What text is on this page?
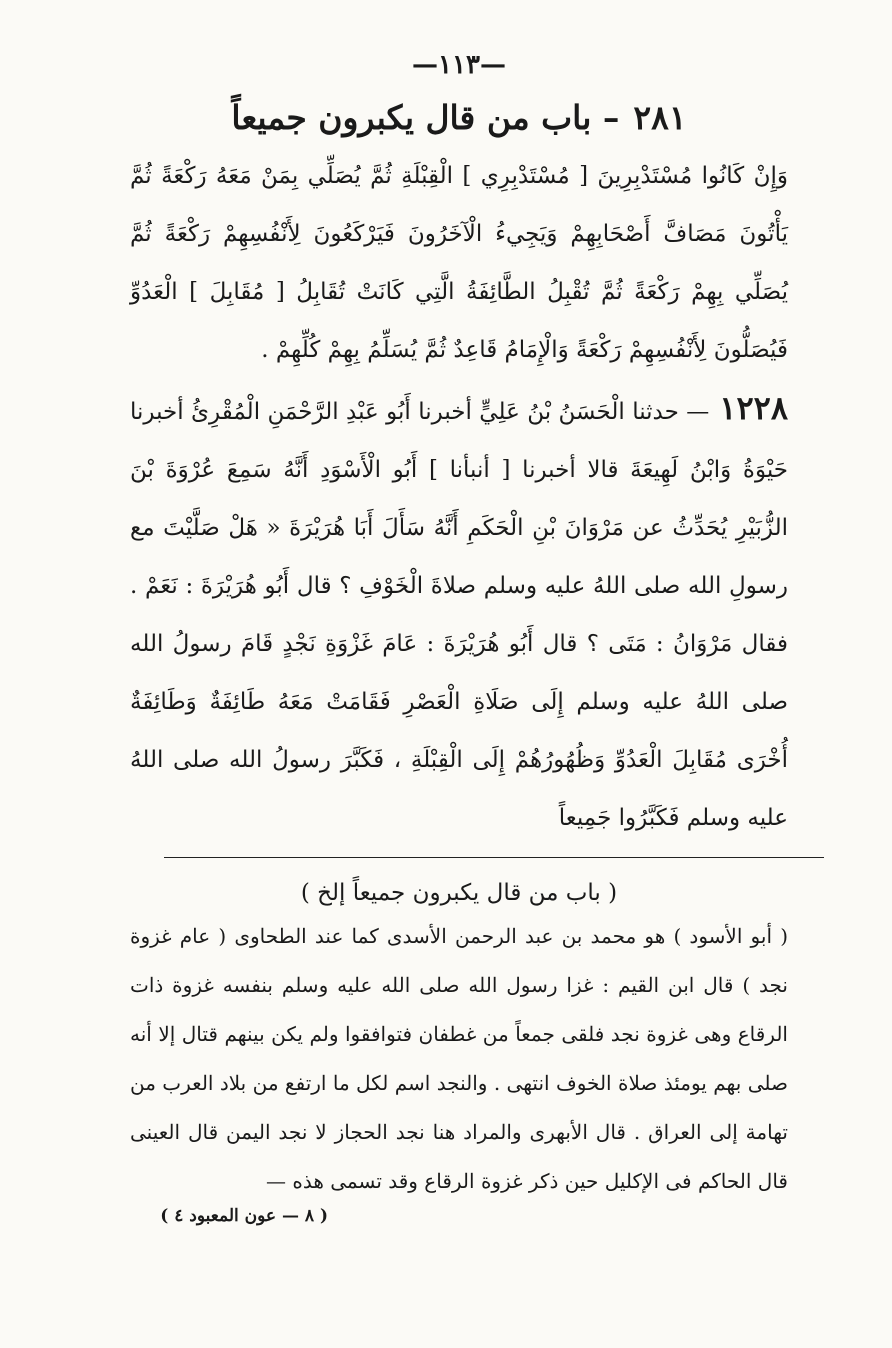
—١١٣—
٢٨١– باب من قال يكبرون جميعاً

وَإِنْ كَانُوا مُسْتَدْبِرِينَ [ مُسْتَدْبِرِي ] الْقِبْلَةِ ثُمَّ يُصَلِّي بِمَنْ مَعَهُ رَكْعَةً ثُمَّ يَأْتُونَ مَصَافَّ أَصْحَابِهِمْ وَيَجِيءُ الْآخَرُونَ فَيَرْكَعُونَ لِأَنْفُسِهِمْ رَكْعَةً ثُمَّ يُصَلِّي بِهِمْ رَكْعَةً ثُمَّ تُقْبِلُ الطَّائِفَةُ الَّتِي كَانَتْ تُقَابِلُ [ مُقَابِلَ ] الْعَدُوِّ فَيُصَلُّونَ لِأَنْفُسِهِمْ رَكْعَةً وَالْإِمَامُ قَاعِدٌ ثُمَّ يُسَلِّمُ بِهِمْ كُلِّهِمْ .

١٢٢٨— حدثنا الْحَسَنُ بْنُ عَلِيٍّ أخبرنا أَبُو عَبْدِ الرَّحْمَنِ الْمُقْرِئُ أخبرنا حَيْوَةُ وَابْنُ لَهِيعَةَ قالا أخبرنا [ أنبأنا ] أَبُو الْأَسْوَدِ أَنَّهُ سَمِعَ عُرْوَةَ بْنَ الزُّبَيْرِ يُحَدِّثُ عن مَرْوَانَ بْنِ الْحَكَمِ أَنَّهُ سَأَلَ أَبَا هُرَيْرَةَ « هَلْ صَلَّيْتَ مع رسولِ الله صلى اللهُ عليه وسلم صلاةَ الْخَوْفِ ؟ قال أَبُو هُرَيْرَةَ : نَعَمْ . فقال مَرْوَانُ : مَتَى ؟ قال أَبُو هُرَيْرَةَ : عَامَ غَزْوَةِ نَجْدٍ قَامَ رسولُ الله صلى اللهُ عليه وسلم إِلَى صَلَاةِ الْعَصْرِ فَقَامَتْ مَعَهُ طَائِفَةٌ وَطَائِفَةٌ أُخْرَى مُقَابِلَ الْعَدُوِّ وَظُهُورُهُمْ إِلَى الْقِبْلَةِ ، فَكَبَّرَ رسولُ الله صلى اللهُ عليه وسلم فَكَبَّرُوا جَمِيعاً

( باب من قال يكبرون جميعاً إلخ )

( أبو الأسود ) هو محمد بن عبد الرحمن الأسدى كما عند الطحاوى ( عام غزوة نجد ) قال ابن القيم : غزا رسول الله صلى الله عليه وسلم بنفسه غزوة ذات الرقاع وهى غزوة نجد فلقى جمعاً من غطفان فتوافقوا ولم يكن بينهم قتال إلا أنه صلى بهم يومئذ صلاة الخوف انتهى . والنجد اسم لكل ما ارتفع من بلاد العرب من تهامة إلى العراق . قال الأبهرى والمراد هنا نجد الحجاز لا نجد اليمن قال العينى قال الحاكم فى الإكليل حين ذكر غزوة الرقاع وقد تسمى هذه —

( ٨ — عون المعبود ٤ )
